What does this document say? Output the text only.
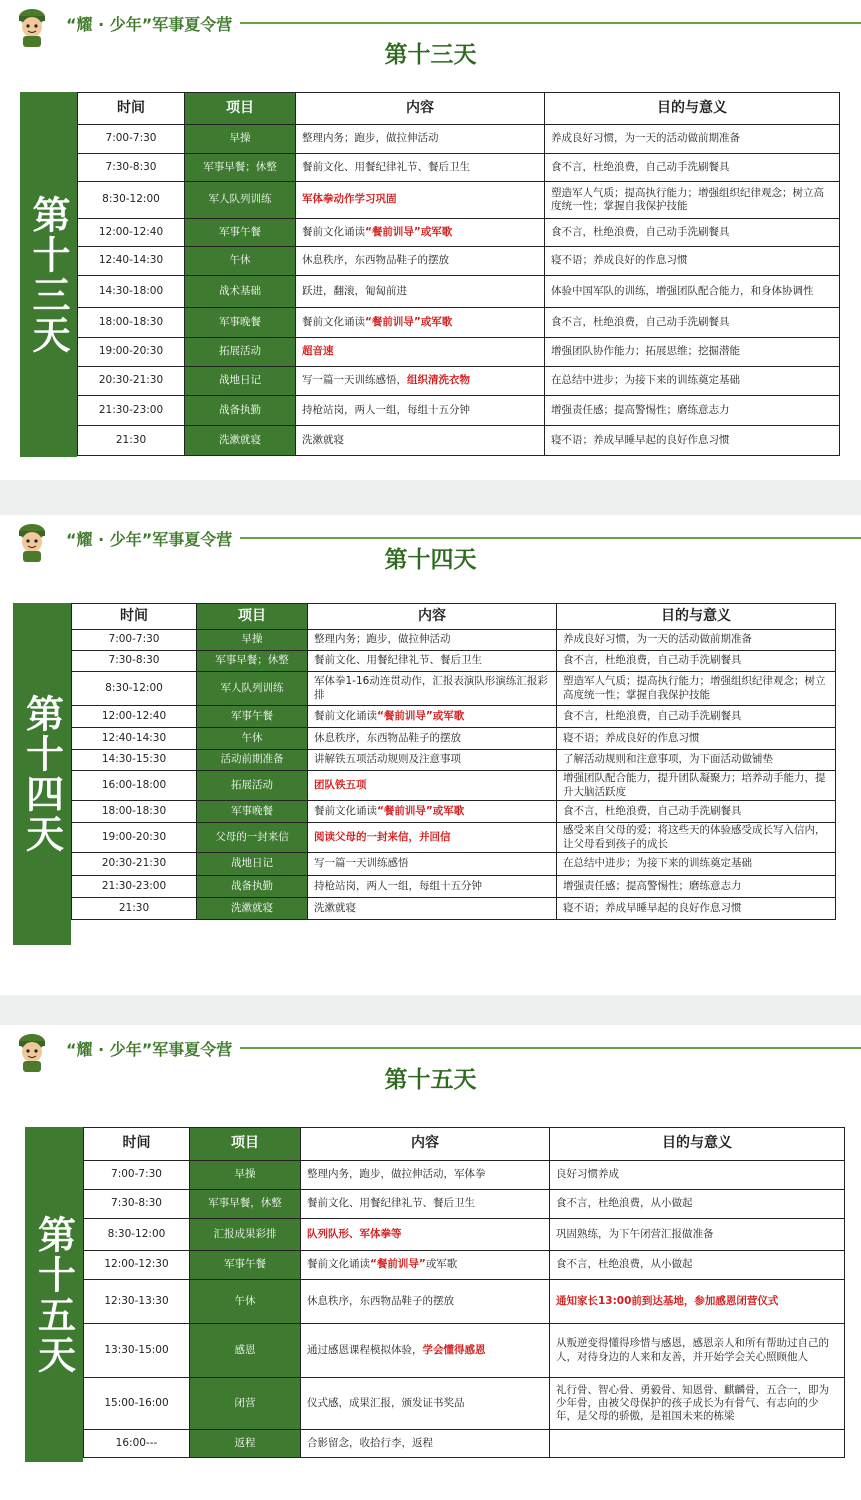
“耀 · 少年”军事夏令营
第十三天
第十三天
时间	项目	内容	目的与意义
7:00-7:30	早操	整理内务；跑步，做拉伸活动	养成良好习惯，为一天的活动做前期准备
7:30-8:30	军事早餐；休整	餐前文化、用餐纪律礼节、餐后卫生	食不言，杜绝浪费，自己动手洗刷餐具
8:30-12:00	军人队列训练	军体拳动作学习巩固	塑造军人气质；提高执行能力；增强组织纪律观念；树立高度统一性；掌握自我保护技能
12:00-12:40	军事午餐	餐前文化诵读“餐前训导”或军歌	食不言，杜绝浪费，自己动手洗刷餐具
12:40-14:30	午休	休息秩序，东西物品鞋子的摆放	寝不语；养成良好的作息习惯
14:30-18:00	战术基础	跃进，翻滚，匍匐前进	体验中国军队的训练，增强团队配合能力，和身体协调性
18:00-18:30	军事晚餐	餐前文化诵读“餐前训导”或军歌	食不言，杜绝浪费，自己动手洗刷餐具
19:00-20:30	拓展活动	超音速	增强团队协作能力；拓展思维；挖掘潜能
20:30-21:30	战地日记	写一篇一天训练感悟，组织清洗衣物	在总结中进步；为接下来的训练奠定基础
21:30-23:00	战备执勤	持枪站岗，两人一组，每组十五分钟	增强责任感；提高警惕性；磨练意志力
21:30	洗漱就寝	洗漱就寝	寝不语；养成早睡早起的良好作息习惯
“耀 · 少年”军事夏令营
第十四天
第十四天
时间	项目	内容	目的与意义
7:00-7:30	早操	整理内务；跑步，做拉伸活动	养成良好习惯，为一天的活动做前期准备
7:30-8:30	军事早餐；休整	餐前文化、用餐纪律礼节、餐后卫生	食不言，杜绝浪费，自己动手洗刷餐具
8:30-12:00	军人队列训练	军体拳1-16动连贯动作，汇报表演队形演练汇报彩排	塑造军人气质；提高执行能力；增强组织纪律观念；树立高度统一性；掌握自我保护技能
12:00-12:40	军事午餐	餐前文化诵读“餐前训导”或军歌	食不言，杜绝浪费，自己动手洗刷餐具
12:40-14:30	午休	休息秩序，东西物品鞋子的摆放	寝不语；养成良好的作息习惯
14:30-15:30	活动前期准备	讲解铁五项活动规则及注意事项	了解活动规则和注意事项，为下面活动做铺垫
16:00-18:00	拓展活动	团队铁五项	增强团队配合能力，提升团队凝聚力；培养动手能力，提升大脑活跃度
18:00-18:30	军事晚餐	餐前文化诵读“餐前训导”或军歌	食不言，杜绝浪费，自己动手洗刷餐具
19:00-20:30	父母的一封来信	阅读父母的一封来信，并回信	感受来自父母的爱；将这些天的体验感受成长写入信内，让父母看到孩子的成长
20:30-21:30	战地日记	写一篇一天训练感悟	在总结中进步；为接下来的训练奠定基础
21:30-23:00	战备执勤	持枪站岗，两人一组，每组十五分钟	增强责任感；提高警惕性；磨练意志力
21:30	洗漱就寝	洗漱就寝	寝不语；养成早睡早起的良好作息习惯
“耀 · 少年”军事夏令营
第十五天
第十五天
时间	项目	内容	目的与意义
7:00-7:30	早操	整理内务，跑步，做拉伸活动，军体拳	良好习惯养成
7:30-8:30	军事早餐，休整	餐前文化、用餐纪律礼节、餐后卫生	食不言，杜绝浪费，从小做起
8:30-12:00	汇报成果彩排	队列队形、军体拳等	巩固熟练，为下午闭营汇报做准备
12:00-12:30	军事午餐	餐前文化诵读“餐前训导”或军歌	食不言，杜绝浪费，从小做起
12:30-13:30	午休	休息秩序，东西物品鞋子的摆放	通知家长13:00前到达基地，参加感恩闭营仪式
13:30-15:00	感恩	通过感恩课程模拟体验，学会懂得感恩	从叛逆变得懂得珍惜与感恩，感恩亲人和所有帮助过自己的人，对待身边的人来和友善，并开始学会关心照顾他人
15:00-16:00	闭营	仪式感，成果汇报，颁发证书奖品	礼行骨、智心骨、勇毅骨、知恩骨、麒麟骨，五合一，即为少年骨，由被父母保护的孩子成长为有骨气、有志向的少年，是父母的骄傲，是祖国未来的栋梁
16:00---	返程	合影留念，收拾行李，返程	
